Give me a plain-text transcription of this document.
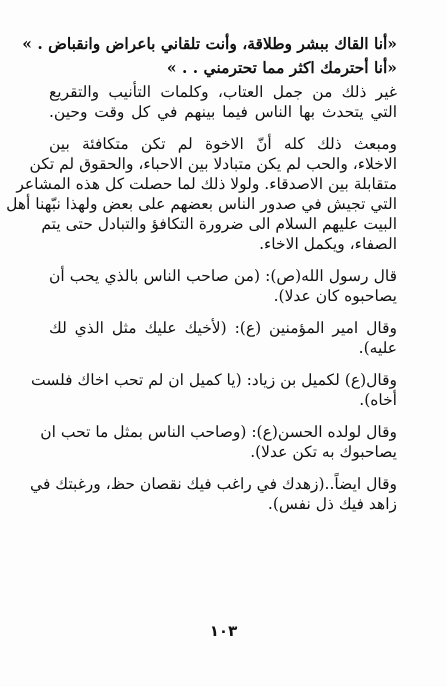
«أنا القاك ببشر وطلاقة، وأنت تلقاني باعراض وانقباض . »
«أنا أحترمك اكثر مما تحترمني . . »
غير ذلك من جمل العتاب، وكلمات التأنيب والتقريع
التي يتحدث بها الناس فيما بينهم في كل وقت وحين.
ومبعث ذلك كله أنّ الاخوة لم تكن متكافئة بين
الاخلاء، والحب لم يكن متبادلا بين الاحباء، والحقوق لم تكن
متقابلة بين الاصدقاء. ولولا ذلك لما حصلت كل هذه المشاعر
التي تجيش في صدور الناس بعضهم على بعض ولهذا نبّهنا أهل
البيت عليهم السلام الى ضرورة التكافؤ والتبادل حتى يتم
الصفاء، ويكمل الاخاء.
قال رسول الله(ص): (من صاحب الناس بالذي يحب أن
يصاحبوه كان عدلا).
وقال امير المؤمنين (ع): (لأخيك عليك مثل الذي لك
عليه).
وقال(ع) لكميل بن زياد: (يا كميل ان لم تحب اخاك فلست
أخاه).
وقال لولده الحسن(ع): (وصاحب الناس بمثل ما تحب ان
يصاحبوك به تكن عدلا).
وقال ايضاً..(زهدك في راغب فيك نقصان حظ، ورغبتك في
زاهد فيك ذل نفس).
١٠٣
